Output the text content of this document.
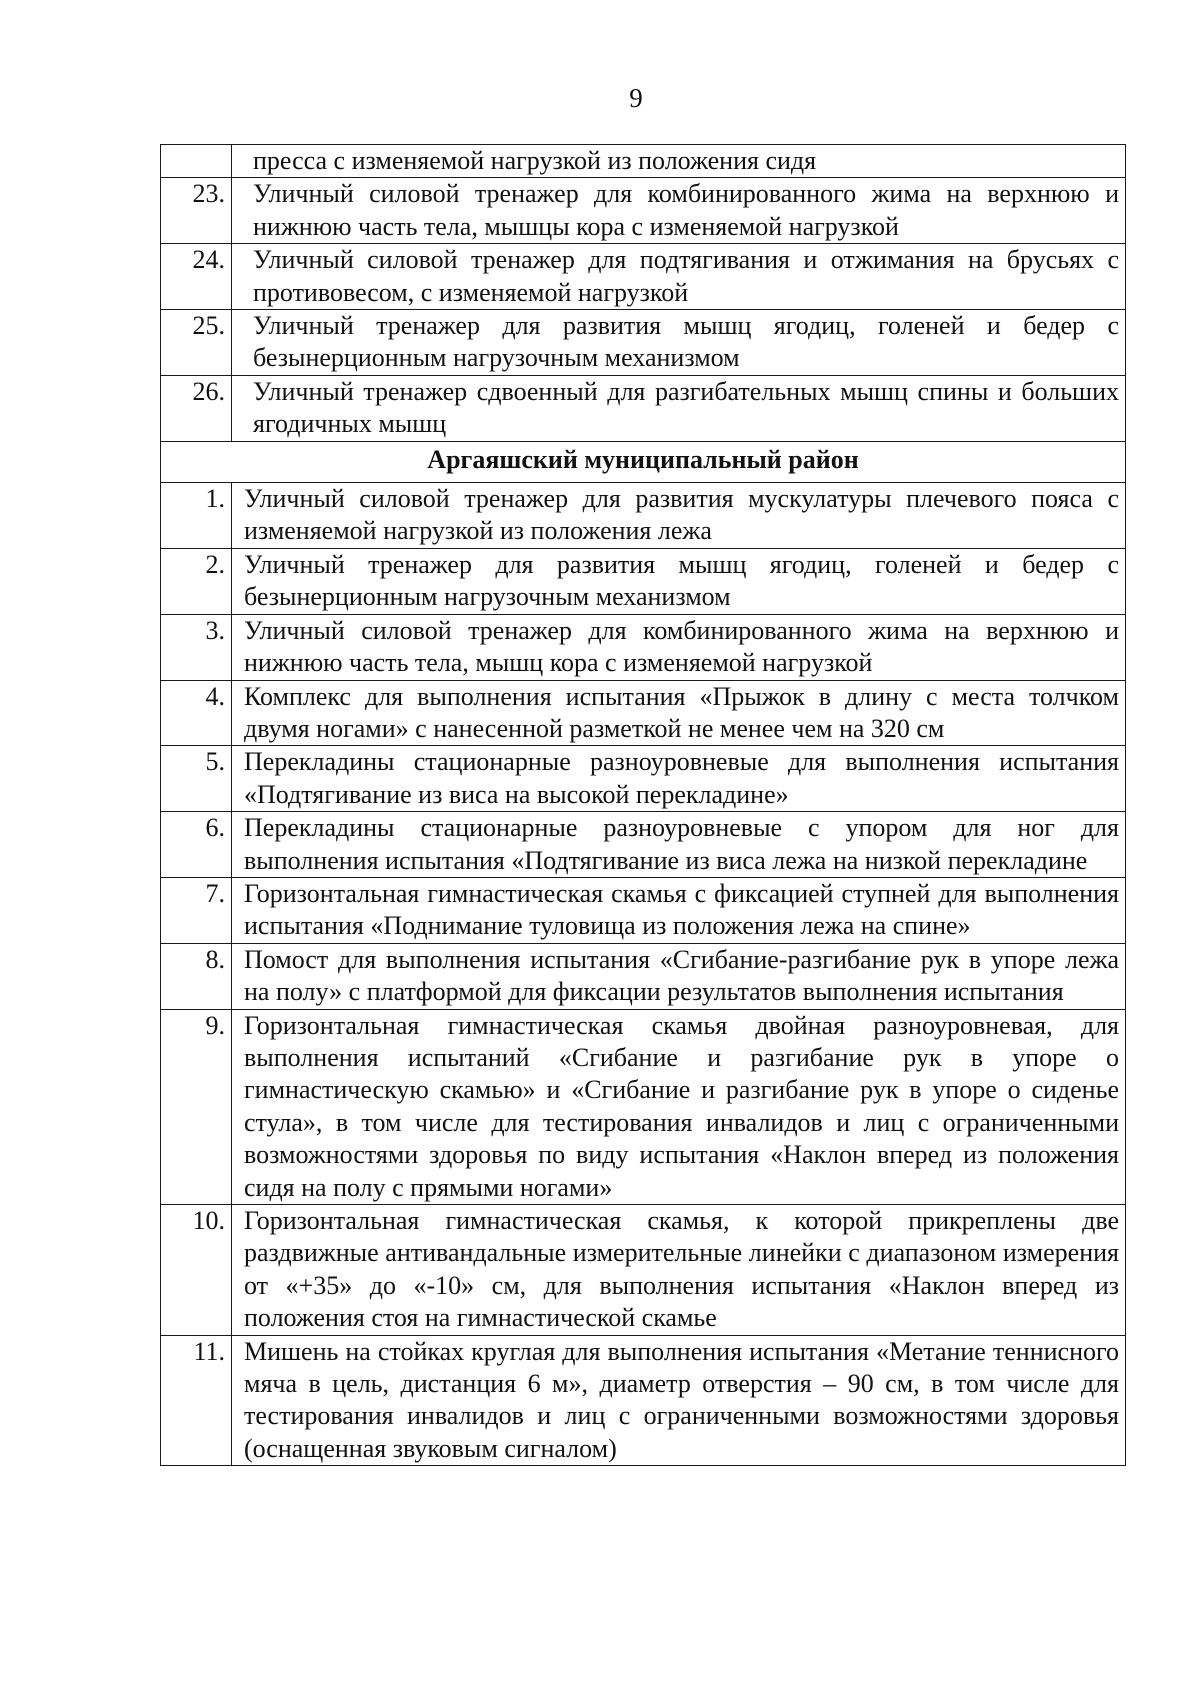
9
	пресса с изменяемой нагрузкой из положения сидя
23.	Уличный силовой тренажер для комбинированного жима на верхнюю и нижнюю часть тела, мышцы кора с изменяемой нагрузкой
24.	Уличный силовой тренажер для подтягивания и отжимания на брусьях с противовесом, с изменяемой нагрузкой
25.	Уличный тренажер для развития мышц ягодиц, голеней и бедер с безынерционным нагрузочным механизмом
26.	Уличный тренажер сдвоенный для разгибательных мышц спины и больших ягодичных мышц
Аргаяшский муниципальный район	
1.	Уличный силовой тренажер для развития мускулатуры плечевого пояса с изменяемой нагрузкой из положения лежа
2.	Уличный тренажер для развития мышц ягодиц, голеней и бедер с безынерционным нагрузочным механизмом
3.	Уличный силовой тренажер для комбинированного жима на верхнюю и нижнюю часть тела, мышц кора с изменяемой нагрузкой
4.	Комплекс для выполнения испытания «Прыжок в длину с места толчком двумя ногами» с нанесенной разметкой не менее чем на 320 см
5.	Перекладины стационарные разноуровневые для выполнения испытания «Подтягивание из виса на высокой перекладине»
6.	Перекладины стационарные разноуровневые с упором для ног для выполнения испытания «Подтягивание из виса лежа на низкой перекладине
7.	Горизонтальная гимнастическая скамья с фиксацией ступней для выполнения испытания «Поднимание туловища из положения лежа на спине»
8.	Помост для выполнения испытания «Сгибание-разгибание рук в упоре лежа на полу» с платформой для фиксации результатов выполнения испытания
9.	Горизонтальная гимнастическая скамья двойная разноуровневая, для выполнения испытаний «Сгибание и разгибание рук в упоре о гимнастическую скамью» и «Сгибание и разгибание рук в упоре о сиденье стула», в том числе для тестирования инвалидов и лиц с ограниченными возможностями здоровья по виду испытания «Наклон вперед из положения сидя на полу с прямыми ногами»
10.	Горизонтальная гимнастическая скамья, к которой прикреплены две раздвижные антивандальные измерительные линейки с диапазоном измерения от «+35» до «-10» см, для выполнения испытания «Наклон вперед из положения стоя на гимнастической скамье
11.	Мишень на стойках круглая для выполнения испытания «Метание теннисного мяча в цель, дистанция 6 м», диаметр отверстия – 90 см, в том числе для тестирования инвалидов и лиц с ограниченными возможностями здоровья (оснащенная звуковым сигналом)
